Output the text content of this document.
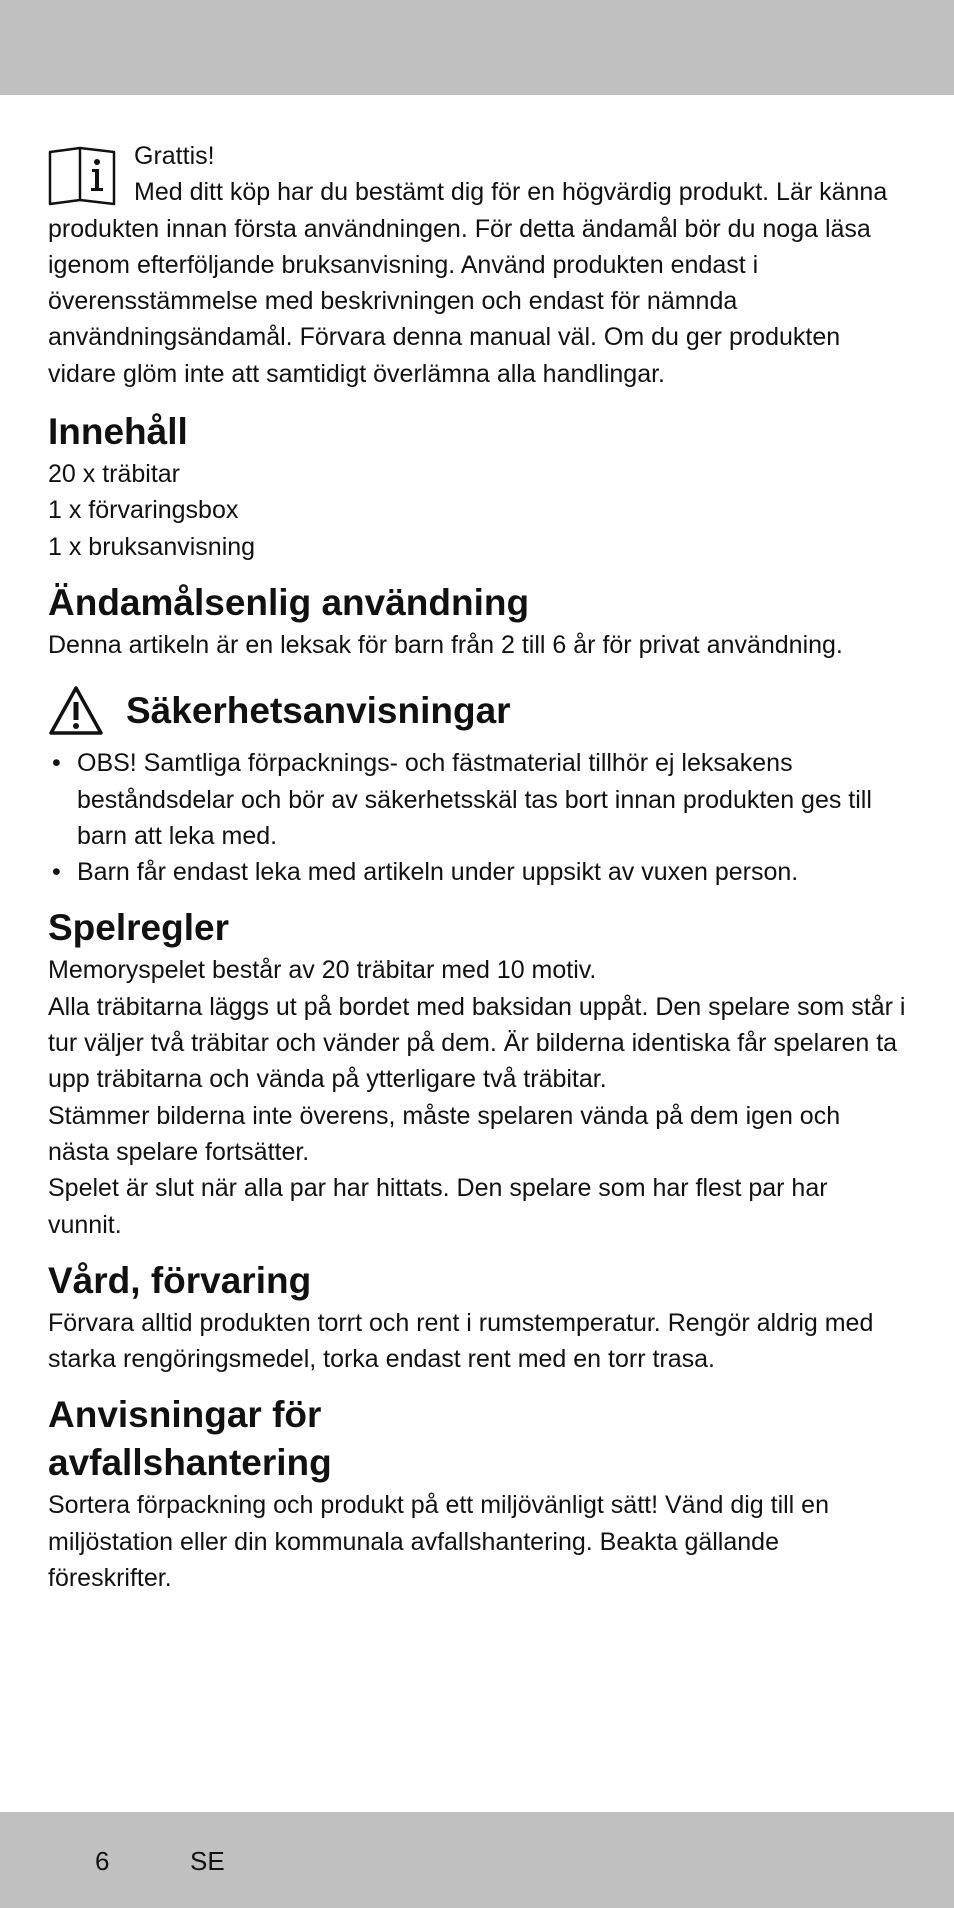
Grattis!

Med ditt köp har du bestämt dig för en högvärdig produkt. Lär känna produkten innan första användningen. För detta ändamål bör du noga läsa igenom efterföljande bruksanvisning. Använd produkten endast i överensstämmelse med beskrivningen och endast för nämnda användningsändamål. Förvara denna manual väl. Om du ger produkten vidare glöm inte att samtidigt överlämna alla handlingar.

Innehåll

20 x träbitar

1 x förvaringsbox

1 x bruksanvisning

Ändamålsenlig användning

Denna artikeln är en leksak för barn från 2 till 6 år för privat användning.

Säkerhetsanvisningar
• OBS! Samtliga förpacknings- och fästmaterial tillhör ej leksakens beståndsdelar och bör av säkerhetsskäl tas bort innan produkten ges till barn att leka med.
• Barn får endast leka med artikeln under uppsikt av vuxen person.
Spelregler

Memoryspelet består av 20 träbitar med 10 motiv.

Alla träbitarna läggs ut på bordet med baksidan uppåt. Den spelare som står i tur väljer två träbitar och vänder på dem. Är bilderna identiska får spelaren ta upp träbitarna och vända på ytterligare två träbitar.

Stämmer bilderna inte överens, måste spelaren vända på dem igen och nästa spelare fortsätter.

Spelet är slut när alla par har hittats. Den spelare som har flest par har vunnit.

Vård, förvaring

Förvara alltid produkten torrt och rent i rumstemperatur. Rengör aldrig med starka rengöringsmedel, torka endast rent med en torr trasa.

Anvisningar för avfallshantering

Sortera förpackning och produkt på ett miljövänligt sätt! Vänd dig till en miljöstation eller din kommunala avfallshantering. Beakta gällande föreskrifter.

6	SE
